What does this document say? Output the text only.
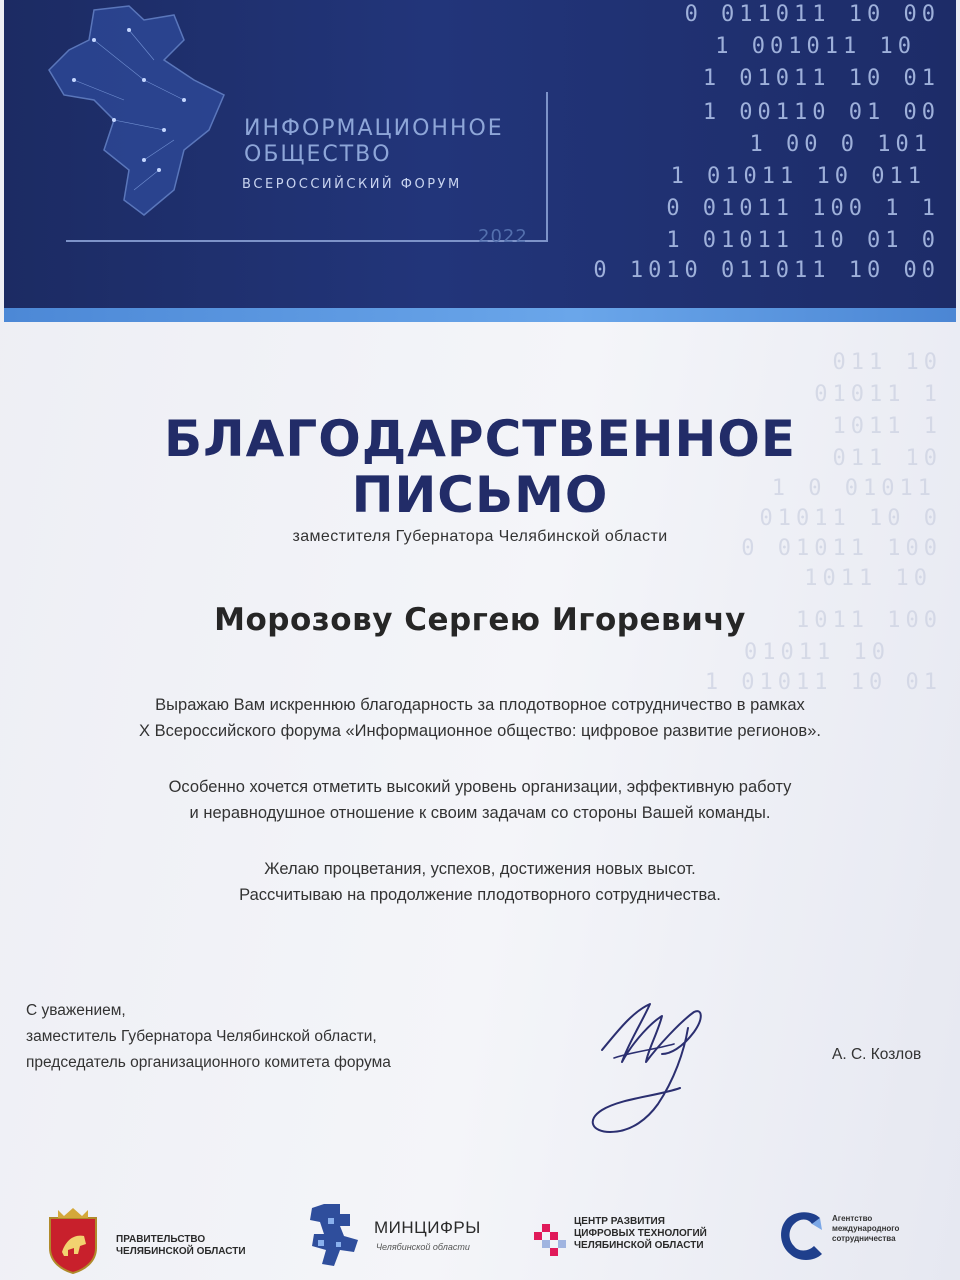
ИНФОРМАЦИОННОЕ
ОБЩЕСТВО
ВСЕРОССИЙСКИЙ ФОРУМ
2022
0 011011 10 00
1 001011 10
1 01011 10 01
1 00110 01 00
1 00 0 101
1 01011 10 011
0 01011 100 1 1
1 01011 10 01 0
0 1010 011011 10 00
011 10
01011 1
1011 1
011 10
1 0 01011
01011 10 0
0 01011 100
1011 10
1011 100
01011 10
1 01011 10 01
БЛАГОДАРСТВЕННОЕ
ПИСЬМО
заместителя Губернатора Челябинской области
Морозову Сергею Игоревичу
Выражаю Вам искреннюю благодарность за плодотворное сотрудничество в рамках
X Всероссийского форума «Информационное общество: цифровое развитие регионов».
Особенно хочется отметить высокий уровень организации, эффективную работу
и неравнодушное отношение к своим задачам со стороны Вашей команды.
Желаю процветания, успехов, достижения новых высот.
Рассчитываю на продолжение плодотворного сотрудничества.
С уважением,
заместитель Губернатора Челябинской области,
председатель организационного комитета форума	А. С. Козлов
ПРАВИТЕЛЬСТВО
ЧЕЛЯБИНСКОЙ ОБЛАСТИ
МИНЦИФРЫ
Челябинской области
ЦЕНТР РАЗВИТИЯ
ЦИФРОВЫХ ТЕХНОЛОГИЙ
ЧЕЛЯБИНСКОЙ ОБЛАСТИ
Агентство
международного
сотрудничества
